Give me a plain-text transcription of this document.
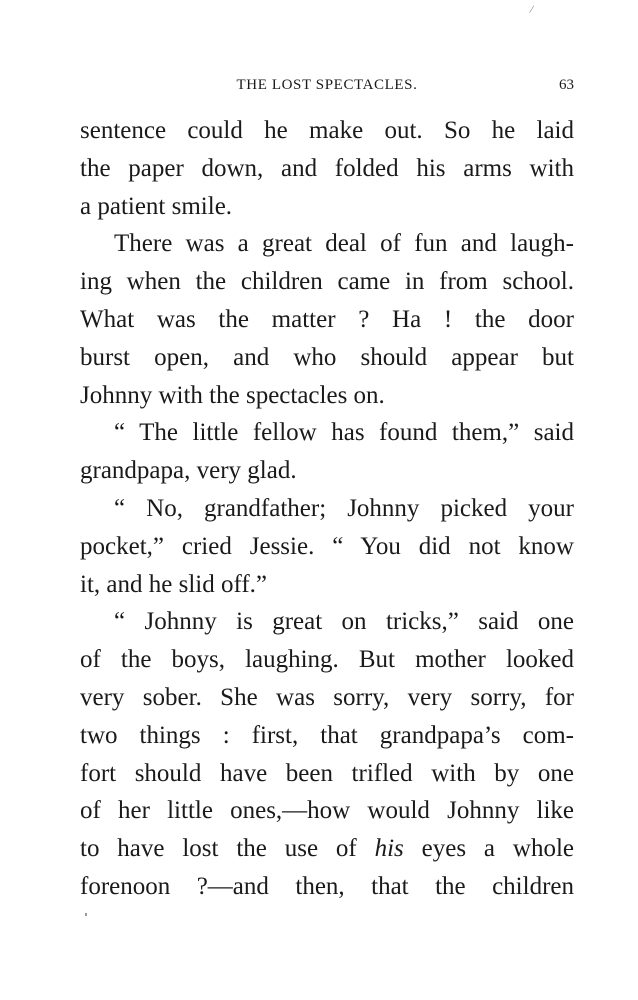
/
THE LOST SPECTACLES.	63
sentence could he make out. So he laid
the paper down, and folded his arms with
a patient smile.
There was a great deal of fun and laugh-
ing when the children came in from school.
What was the matter ? Ha ! the door
burst open, and who should appear but
Johnny with the spectacles on.
“ The little fellow has found them,” said
grandpapa, very glad.
“ No, grandfather; Johnny picked your
pocket,” cried Jessie. “ You did not know
it, and he slid off.”
“ Johnny is great on tricks,” said one
of the boys, laughing. But mother looked
very sober. She was sorry, very sorry, for
two things : first, that grandpapa’s com-
fort should have been trifled with by one
of her little ones,—how would Johnny like
to have lost the use of his eyes a whole
forenoon ?—and then, that the children
